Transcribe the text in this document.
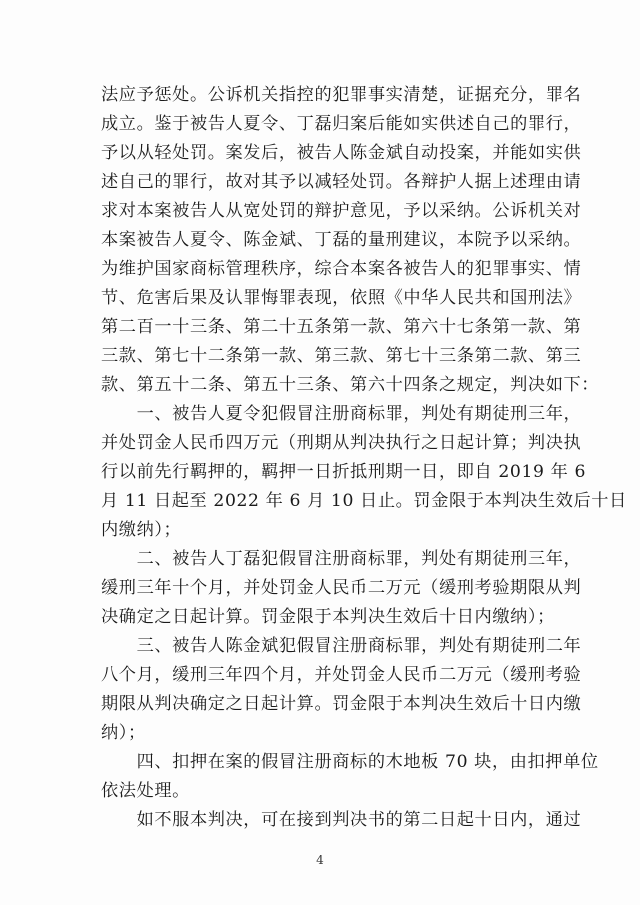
法应予惩处。公诉机关指控的犯罪事实清楚，证据充分，罪名
成立。鉴于被告人夏令、丁磊归案后能如实供述自己的罪行，
予以从轻处罚。案发后，被告人陈金斌自动投案，并能如实供
述自己的罪行，故对其予以减轻处罚。各辩护人据上述理由请
求对本案被告人从宽处罚的辩护意见，予以采纳。公诉机关对
本案被告人夏令、陈金斌、丁磊的量刑建议，本院予以采纳。
为维护国家商标管理秩序，综合本案各被告人的犯罪事实、情
节、危害后果及认罪悔罪表现，依照《中华人民共和国刑法》
第二百一十三条、第二十五条第一款、第六十七条第一款、第
三款、第七十二条第一款、第三款、第七十三条第二款、第三
款、第五十二条、第五十三条、第六十四条之规定，判决如下：
　　一、被告人夏令犯假冒注册商标罪，判处有期徒刑三年，
并处罚金人民币四万元（刑期从判决执行之日起计算；判决执
行以前先行羁押的，羁押一日折抵刑期一日，即自 2019 年 6
月 11 日起至 2022 年 6 月 10 日止。罚金限于本判决生效后十日
内缴纳）；
　　二、被告人丁磊犯假冒注册商标罪，判处有期徒刑三年，
缓刑三年十个月，并处罚金人民币二万元（缓刑考验期限从判
决确定之日起计算。罚金限于本判决生效后十日内缴纳）；
　　三、被告人陈金斌犯假冒注册商标罪，判处有期徒刑二年
八个月，缓刑三年四个月，并处罚金人民币二万元（缓刑考验
期限从判决确定之日起计算。罚金限于本判决生效后十日内缴
纳）；
　　四、扣押在案的假冒注册商标的木地板 70 块，由扣押单位
依法处理。
　　如不服本判决，可在接到判决书的第二日起十日内，通过
4
